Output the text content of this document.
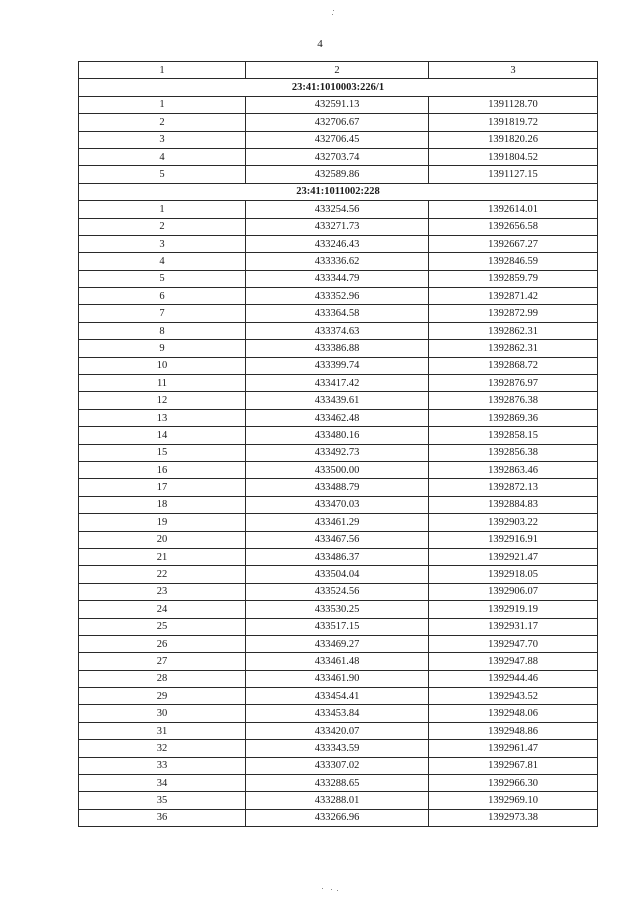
4
1	2	3
23:41:1010003:226/1		
1	432591.13	1391128.70
2	432706.67	1391819.72
3	432706.45	1391820.26
4	432703.74	1391804.52
5	432589.86	1391127.15
23:41:1011002:228		
1	433254.56	1392614.01
2	433271.73	1392656.58
3	433246.43	1392667.27
4	433336.62	1392846.59
5	433344.79	1392859.79
6	433352.96	1392871.42
7	433364.58	1392872.99
8	433374.63	1392862.31
9	433386.88	1392862.31
10	433399.74	1392868.72
11	433417.42	1392876.97
12	433439.61	1392876.38
13	433462.48	1392869.36
14	433480.16	1392858.15
15	433492.73	1392856.38
16	433500.00	1392863.46
17	433488.79	1392872.13
18	433470.03	1392884.83
19	433461.29	1392903.22
20	433467.56	1392916.91
21	433486.37	1392921.47
22	433504.04	1392918.05
23	433524.56	1392906.07
24	433530.25	1392919.19
25	433517.15	1392931.17
26	433469.27	1392947.70
27	433461.48	1392947.88
28	433461.90	1392944.46
29	433454.41	1392943.52
30	433453.84	1392948.06
31	433420.07	1392948.86
32	433343.59	1392961.47
33	433307.02	1392967.81
34	433288.65	1392966.30
35	433288.01	1392969.10
36	433266.96	1392973.38
